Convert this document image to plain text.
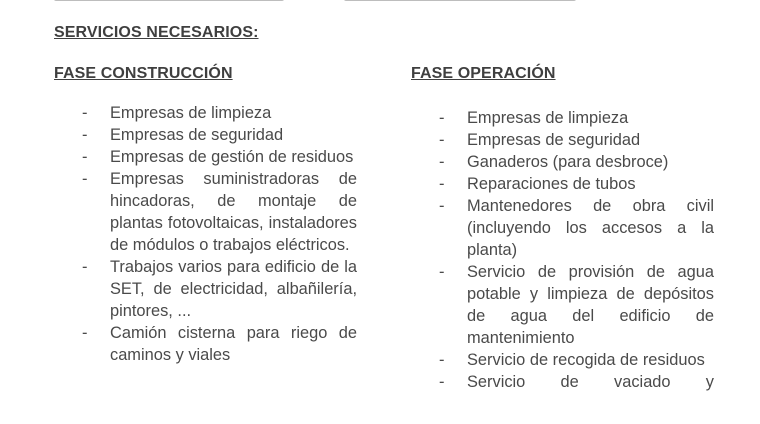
SERVICIOS NECESARIOS:
FASE CONSTRUCCIÓN	FASE OPERACIÓN
- Empresas de limpieza
- Empresas de seguridad
- Empresas de gestión de residuos
- Empresas suministradoras de hincadoras, de montaje de plantas fotovoltaicas, instaladores de módulos o trabajos eléctricos.
- Trabajos varios para edificio de la SET, de electricidad, albañilería, pintores, ...
- Camión cisterna para riego de caminos y viales
- Empresas de limpieza
- Empresas de seguridad
- Ganaderos (para desbroce)
- Reparaciones de tubos
- Mantenedores de obra civil (incluyendo los accesos a la planta)
- Servicio de provisión de agua potable y limpieza de depósitos de agua del edificio de mantenimiento
- Servicio de recogida de residuos
- Servicio de vaciado y
